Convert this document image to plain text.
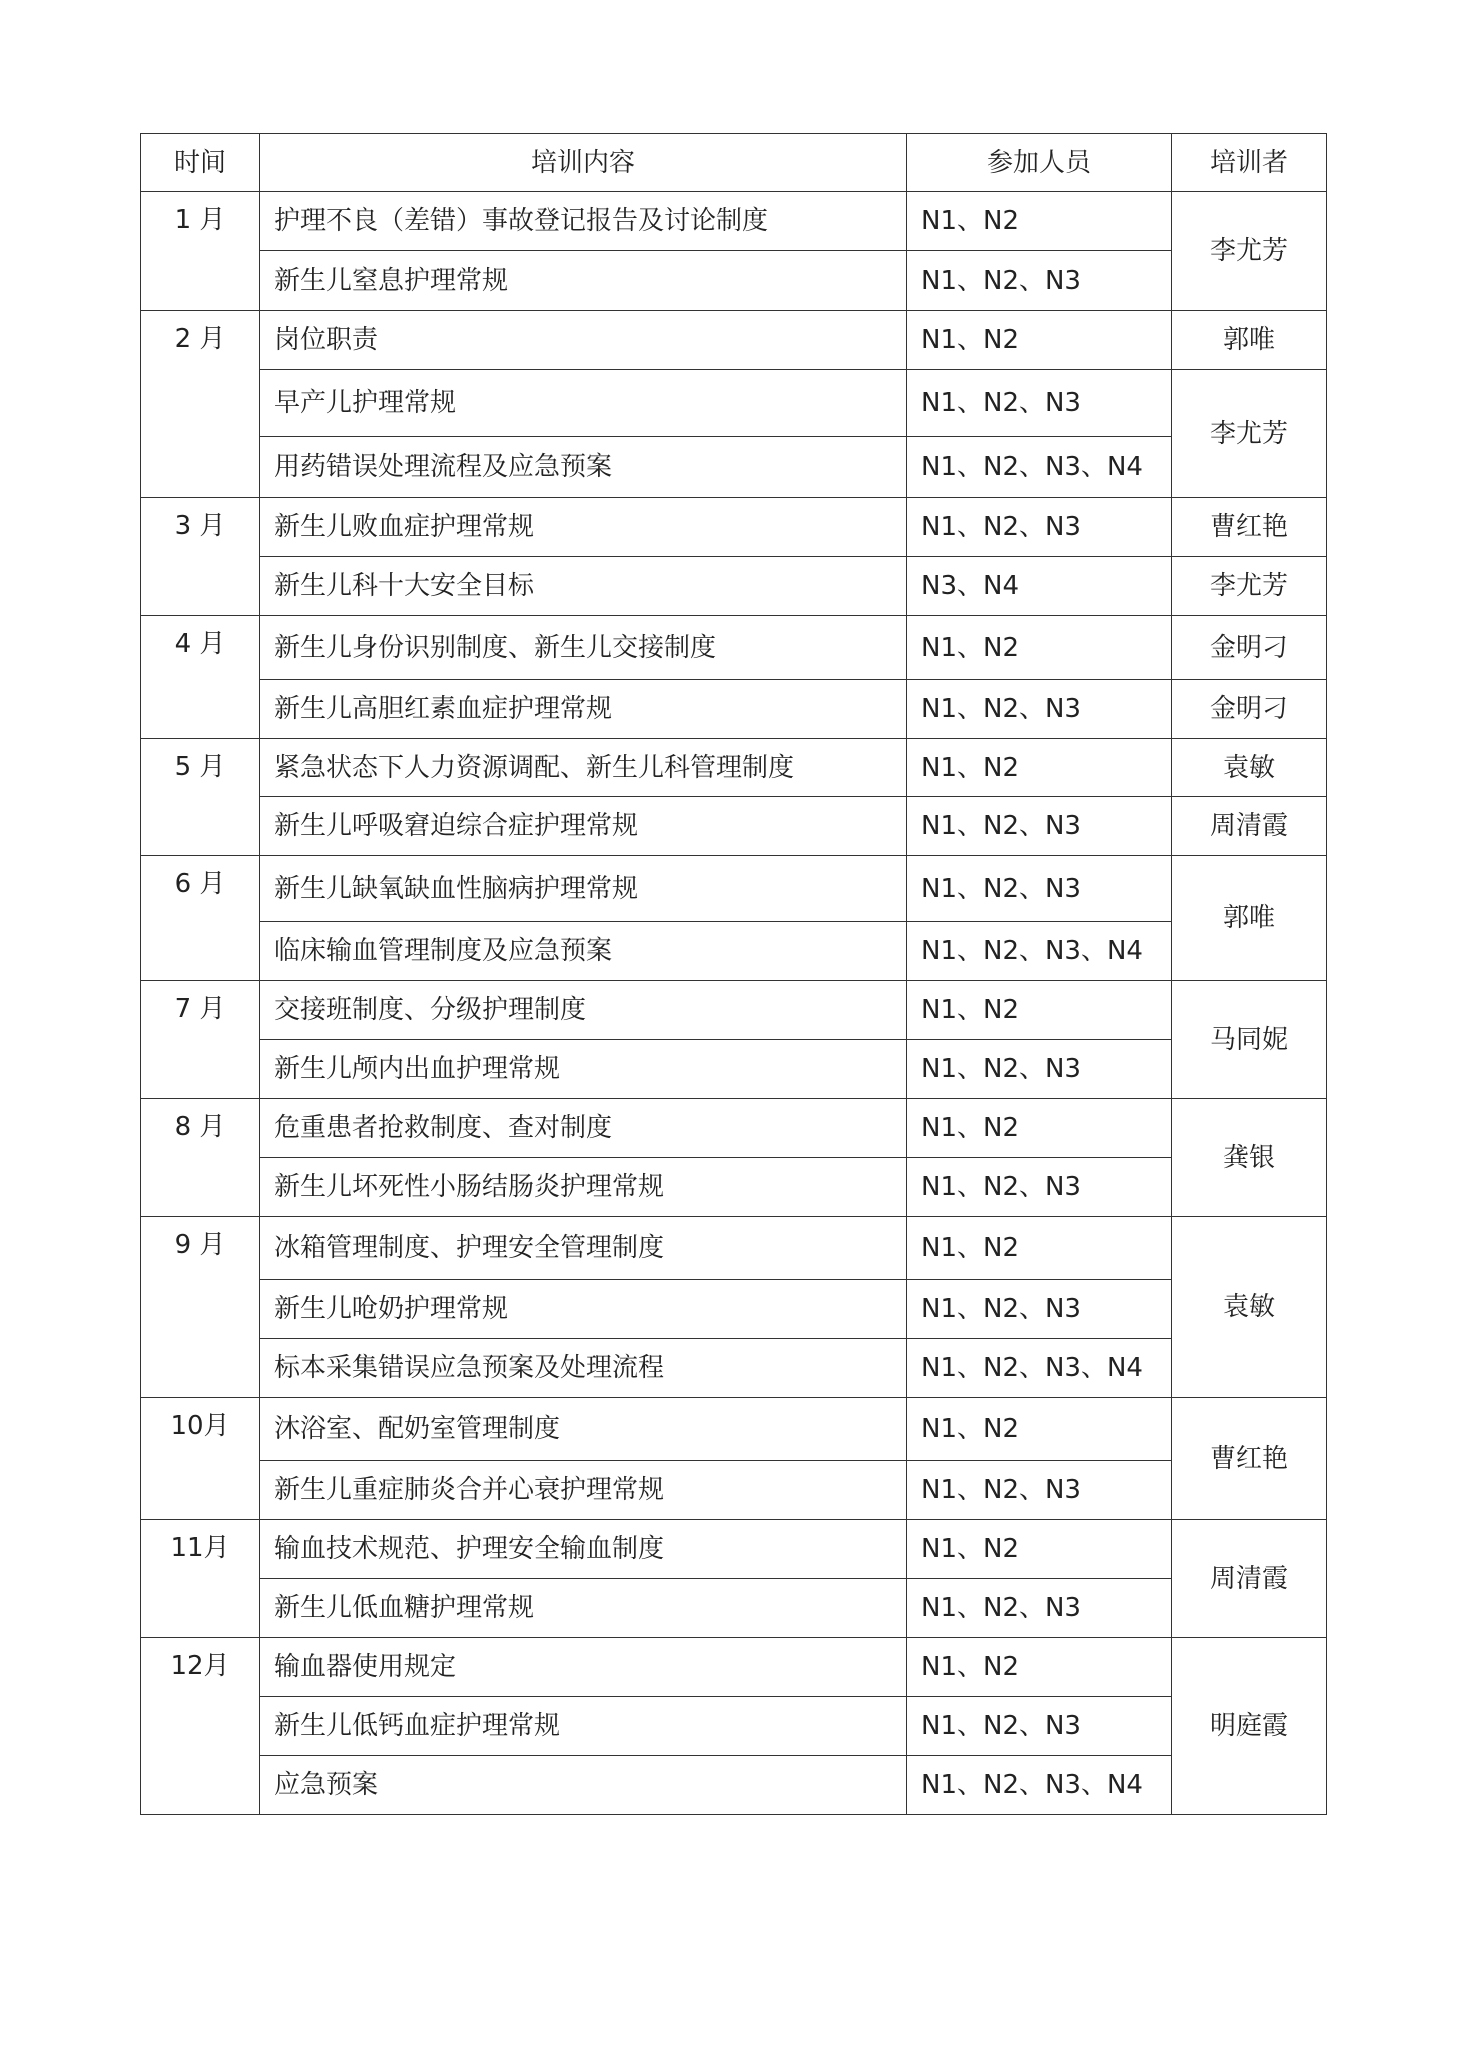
时间	培训内容	参加人员	培训者
1 月	护理不良（差错）事故登记报告及讨论制度	N1、N2	李尤芳
	新生儿窒息护理常规	N1、N2、N3	
2 月	岗位职责	N1、N2	郭唯
	早产儿护理常规	N1、N2、N3	李尤芳
	用药错误处理流程及应急预案	N1、N2、N3、N4	
3 月	新生儿败血症护理常规	N1、N2、N3	曹红艳
	新生儿科十大安全目标	N3、N4	李尤芳
4 月	新生儿身份识别制度、新生儿交接制度	N1、N2	金明刁
	新生儿高胆红素血症护理常规	N1、N2、N3	金明刁
5 月	紧急状态下人力资源调配、新生儿科管理制度	N1、N2	袁敏
	新生儿呼吸窘迫综合症护理常规	N1、N2、N3	周清霞
6 月	新生儿缺氧缺血性脑病护理常规	N1、N2、N3	郭唯
	临床输血管理制度及应急预案	N1、N2、N3、N4	
7 月	交接班制度、分级护理制度	N1、N2	马同妮
	新生儿颅内出血护理常规	N1、N2、N3	
8 月	危重患者抢救制度、查对制度	N1、N2	龚银
	新生儿坏死性小肠结肠炎护理常规	N1、N2、N3	
9 月	冰箱管理制度、护理安全管理制度	N1、N2	袁敏
	新生儿呛奶护理常规	N1、N2、N3	
	标本采集错误应急预案及处理流程	N1、N2、N3、N4	
10月	沐浴室、配奶室管理制度	N1、N2	曹红艳
	新生儿重症肺炎合并心衰护理常规	N1、N2、N3	
11月	输血技术规范、护理安全输血制度	N1、N2	周清霞
	新生儿低血糖护理常规	N1、N2、N3	
12月	输血器使用规定	N1、N2	明庭霞
	新生儿低钙血症护理常规	N1、N2、N3	
	应急预案	N1、N2、N3、N4	
